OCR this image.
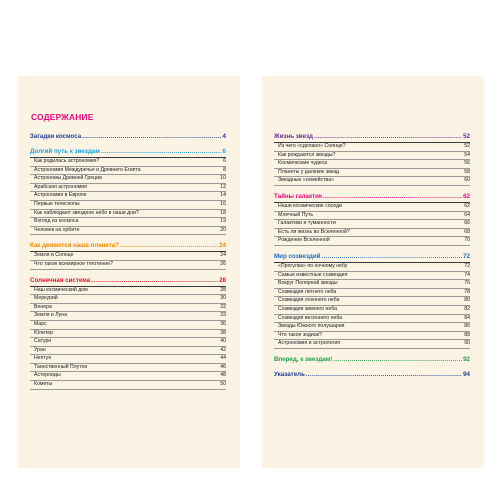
СОДЕРЖАНИЕ
Загадки космоса .....	4
Долгий путь к звездам .....	6
Как родилась астрономия?	6
Астрономия Междуречья и Древнего Египта	8
Астрономы Древней Греции	10
Арабская астрономия	12
Астрономия в Европе	14
Первые телескопы	16
Как наблюдают звездное небо в наши дни?	18
Взгляд из космоса	19
Человек на орбите	20
Как движется наша планета? .....	24
Земля и Солнце	24
Что такое всемирное тяготение?	26
Солнечная система .....	28
Наш космический дом	28
Меркурий	30
Венера	32
Земля и Луна	33
Марс	36
Юпитер	38
Сатурн	40
Уран	42
Нептун	44
Таинственный Плутон	46
Астероиды	48
Кометы	50
Жизнь звезд .....	52
Из чего «сделано» Солнце?	52
Как рождаются звезды?	54
Космические чудеса	56
Планеты у далеких звезд	58
Звездные «семейства»	60
Тайны галактик .....	62
Наши космические соседи	62
Млечный Путь	64
Галактики и туманности	66
Есть ли жизнь во Вселенной?	68
Рождение Вселенной	70
Мир созвездий .....	72
«Прогулка» по ночному небу	72
Самые известные созвездия	74
Вокруг Полярной звезды	76
Созвездия летнего неба	78
Созвездия осеннего неба	80
Созвездия зимнего неба	82
Созвездия весеннего неба	84
Звезды Южного полушария	86
Что такое зодиак?	88
Астрономия и астрология	90
Вперед, к звездам! .....	92
Указатель .....	94
